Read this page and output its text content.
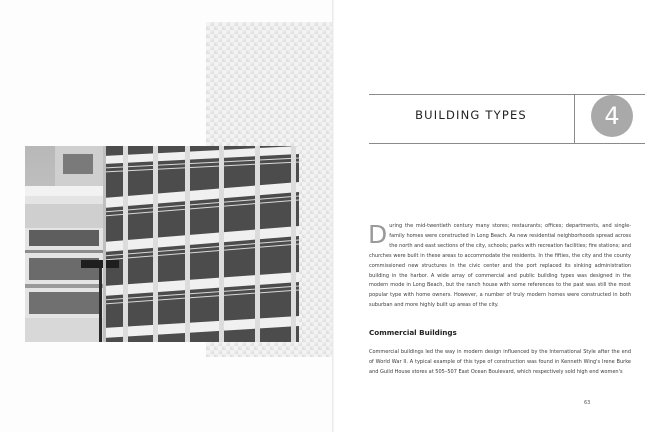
BUILDING TYPES	4

During the mid-twentieth century many stores; restaurants; offices; departments, and single-family homes were constructed in Long Beach. As new residential neighborhoods spread across the north and east sections of the city, schools; parks with recreation facilities; fire stations; and churches were built in these areas to accommodate the residents. In the fifties, the city and the county commissioned new structures in the civic center and the port replaced its sinking administration building in the harbor. A wide array of commercial and public building types was designed in the modern mode in Long Beach, but the ranch house with some references to the past was still the most popular type with home owners. However, a number of truly modern homes were constructed in both suburban and more highly built up areas of the city.

Commercial Buildings

Commercial buildings led the way in modern design influenced by the International Style after the end of World War II. A typical example of this type of construction was found in Kenneth Wing's Irene Burke and Guild House stores at 505–507 East Ocean Boulevard, which respectively sold high end women's

63
